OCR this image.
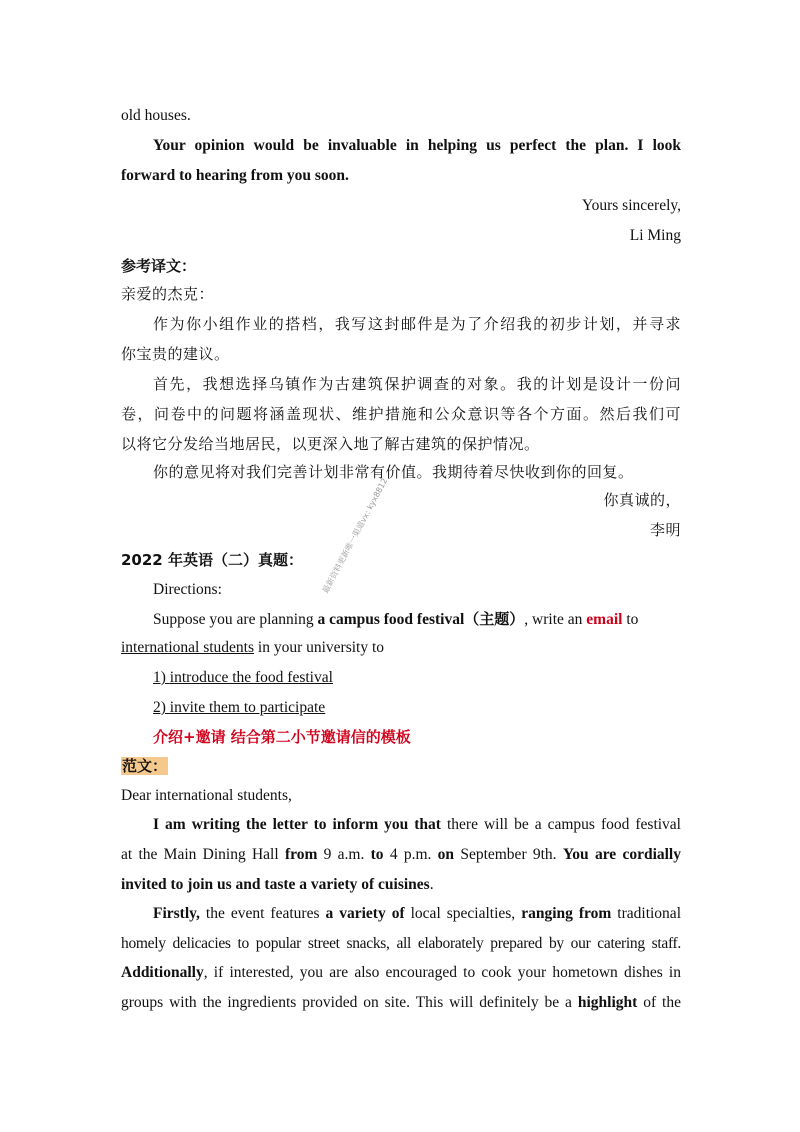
old houses.
Your opinion would be invaluable in helping us perfect the plan. I look
forward to hearing from you soon.
Yours sincerely,
Li Ming
参考译文：
亲爱的杰克：
作为你小组作业的搭档，我写这封邮件是为了介绍我的初步计划，并寻求
你宝贵的建议。
首先，我想选择乌镇作为古建筑保护调查的对象。我的计划是设计一份问
卷，问卷中的问题将涵盖现状、维护措施和公众意识等各个方面。然后我们可
以将它分发给当地居民，以更深入地了解古建筑的保护情况。
你的意见将对我们完善计划非常有价值。我期待着尽快收到你的回复。
你真诚的，
李明
2022 年英语（二）真题：
Directions:
Suppose you are planning a campus food festival（主题）, write an email to
international students in your university to
1) introduce the food festival
2) invite them to participate
介绍+邀请 结合第二小节邀请信的模板
范文：
Dear international students,
I am writing the letter to inform you that there will be a campus food festival
at the Main Dining Hall from 9 a.m. to 4 p.m. on September 9th. You are cordially
invited to join us and taste a variety of cuisines.
Firstly, the event features a variety of local specialties, ranging from traditional
homely delicacies to popular street snacks, all elaborately prepared by our catering staff.
Additionally, if interested, you are also encouraged to cook your hometown dishes in
groups with the ingredients provided on site. This will definitely be a highlight of the
最新资料更新唯一渠道vx: kyx8812
